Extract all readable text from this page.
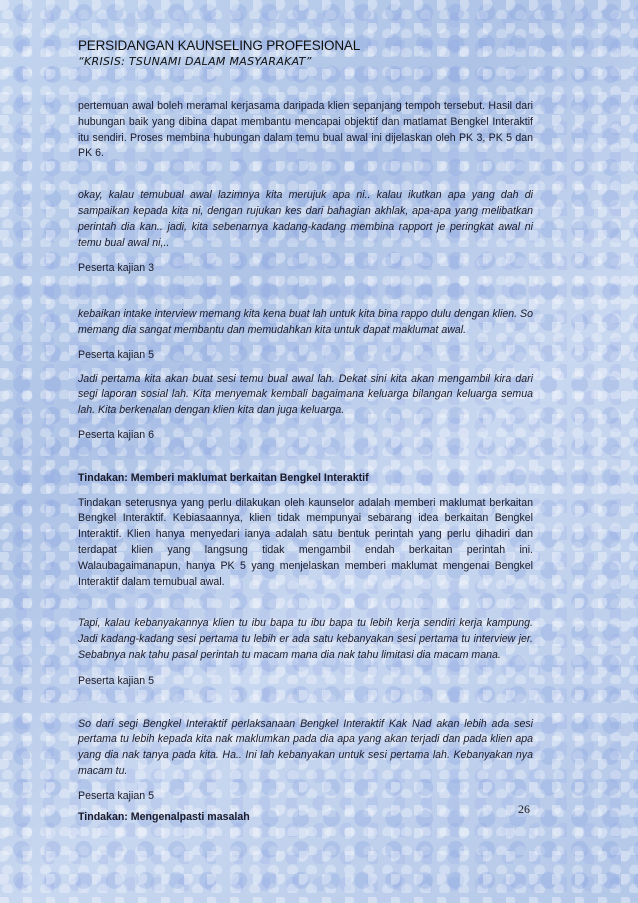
PERSIDANGAN KAUNSELING PROFESIONAL
“KRISIS: TSUNAMI DALAM MASYARAKAT”

pertemuan awal boleh meramal kerjasama daripada klien sepanjang tempoh tersebut. Hasil dari hubungan baik yang dibina dapat membantu mencapai objektif dan matlamat Bengkel Interaktif itu sendiri. Proses membina hubungan dalam temu bual awal ini dijelaskan oleh PK 3, PK 5 dan PK 6.

okay, kalau temubual awal lazimnya kita merujuk apa ni.. kalau ikutkan apa yang dah di sampaikan kepada kita ni, dengan rujukan kes dari bahagian akhlak, apa-apa yang melibatkan perintah dia kan.. jadi, kita sebenarnya kadang-kadang membina rapport je peringkat awal ni temu bual awal ni,..

Peserta kajian 3

kebaikan intake interview memang kita kena buat lah untuk kita bina rappo dulu dengan klien. So memang dia sangat membantu dan memudahkan kita untuk dapat maklumat awal.

Peserta kajian 5

Jadi pertama kita akan buat sesi temu bual awal lah. Dekat sini kita akan mengambil kira dari segi laporan sosial lah. Kita menyemak kembali bagaimana keluarga bilangan keluarga semua lah. Kita berkenalan dengan klien kita dan juga keluarga.

Peserta kajian 6

Tindakan: Memberi maklumat berkaitan Bengkel Interaktif

Tindakan seterusnya yang perlu dilakukan oleh kaunselor adalah memberi maklumat berkaitan Bengkel Interaktif. Kebiasaannya, klien tidak mempunyai sebarang idea berkaitan Bengkel Interaktif. Klien hanya menyedari ianya adalah satu bentuk perintah yang perlu dihadiri dan terdapat klien yang langsung tidak mengambil endah berkaitan perintah ini. Walaubagaimanapun, hanya PK 5 yang menjelaskan memberi maklumat mengenai Bengkel Interaktif dalam temubual awal.

Tapi, kalau kebanyakannya klien tu ibu bapa tu ibu bapa tu lebih kerja sendiri kerja kampung. Jadi kadang-kadang sesi pertama tu lebih er ada satu kebanyakan sesi pertama tu interview jer. Sebabnya nak tahu pasal perintah tu macam mana dia nak tahu limitasi dia macam mana.

Peserta kajian 5

So dari segi Bengkel Interaktif perlaksanaan Bengkel Interaktif Kak Nad akan lebih ada sesi pertama tu lebih kepada kita nak maklumkan pada dia apa yang akan terjadi dan pada klien apa yang dia nak tanya pada kita. Ha.. Ini lah kebanyakan untuk sesi pertama lah. Kebanyakan nya macam tu.

Peserta kajian 5

Tindakan: Mengenalpasti masalah

26
